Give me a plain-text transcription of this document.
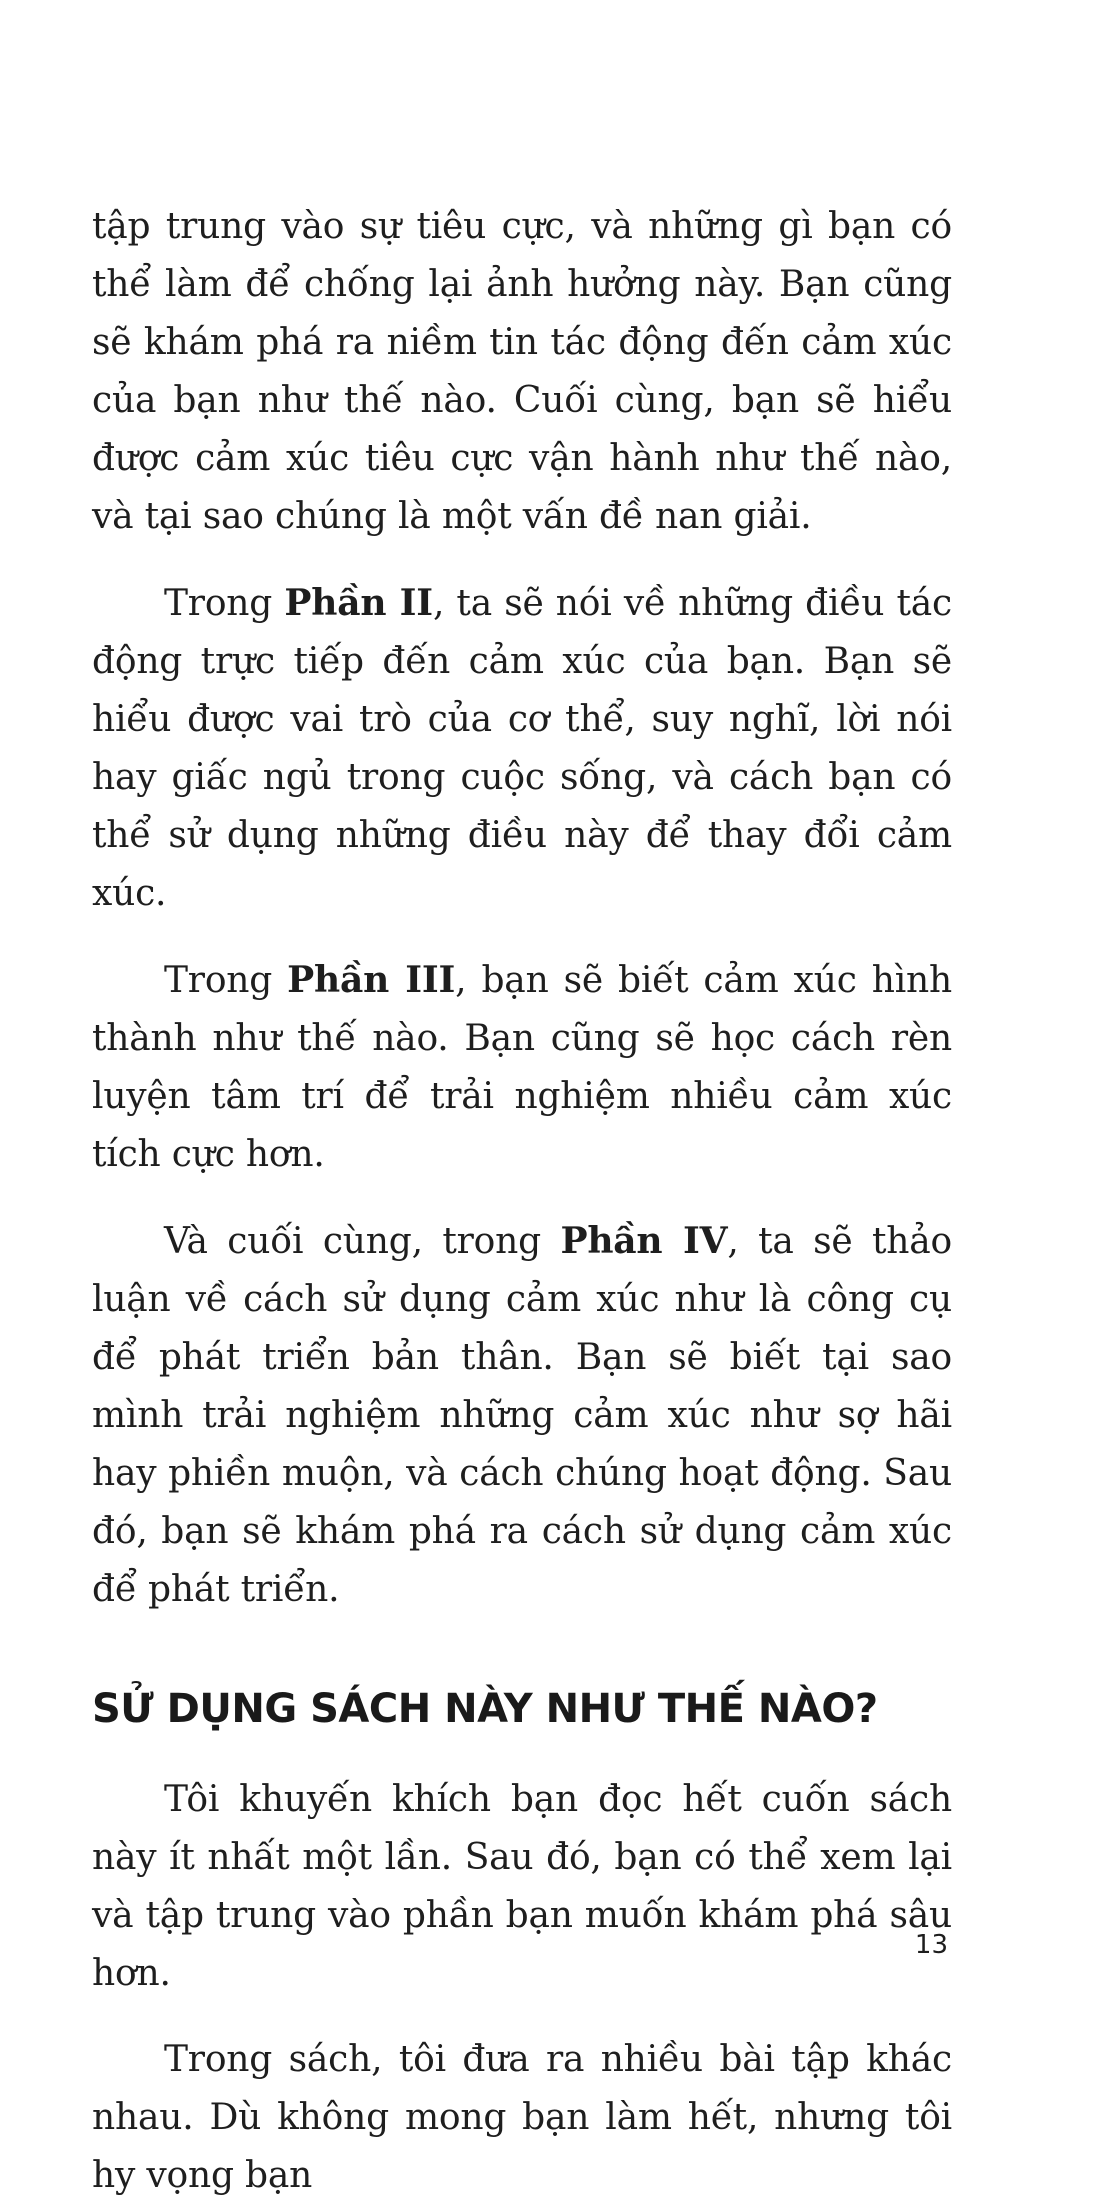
tập trung vào sự tiêu cực, và những gì bạn có thể làm để chống lại ảnh hưởng này. Bạn cũng sẽ khám phá ra niềm tin tác động đến cảm xúc của bạn như thế nào. Cuối cùng, bạn sẽ hiểu được cảm xúc tiêu cực vận hành như thế nào, và tại sao chúng là một vấn đề nan giải.

Trong Phần II, ta sẽ nói về những điều tác động trực tiếp đến cảm xúc của bạn. Bạn sẽ hiểu được vai trò của cơ thể, suy nghĩ, lời nói hay giấc ngủ trong cuộc sống, và cách bạn có thể sử dụng những điều này để thay đổi cảm xúc.

Trong Phần III, bạn sẽ biết cảm xúc hình thành như thế nào. Bạn cũng sẽ học cách rèn luyện tâm trí để trải nghiệm nhiều cảm xúc tích cực hơn.

Và cuối cùng, trong Phần IV, ta sẽ thảo luận về cách sử dụng cảm xúc như là công cụ để phát triển bản thân. Bạn sẽ biết tại sao mình trải nghiệm những cảm xúc như sợ hãi hay phiền muộn, và cách chúng hoạt động. Sau đó, bạn sẽ khám phá ra cách sử dụng cảm xúc để phát triển.

SỬ DỤNG SÁCH NÀY NHƯ THẾ NÀO?

Tôi khuyến khích bạn đọc hết cuốn sách này ít nhất một lần. Sau đó, bạn có thể xem lại và tập trung vào phần bạn muốn khám phá sâu hơn.

Trong sách, tôi đưa ra nhiều bài tập khác nhau. Dù không mong bạn làm hết, nhưng tôi hy vọng bạn

13
